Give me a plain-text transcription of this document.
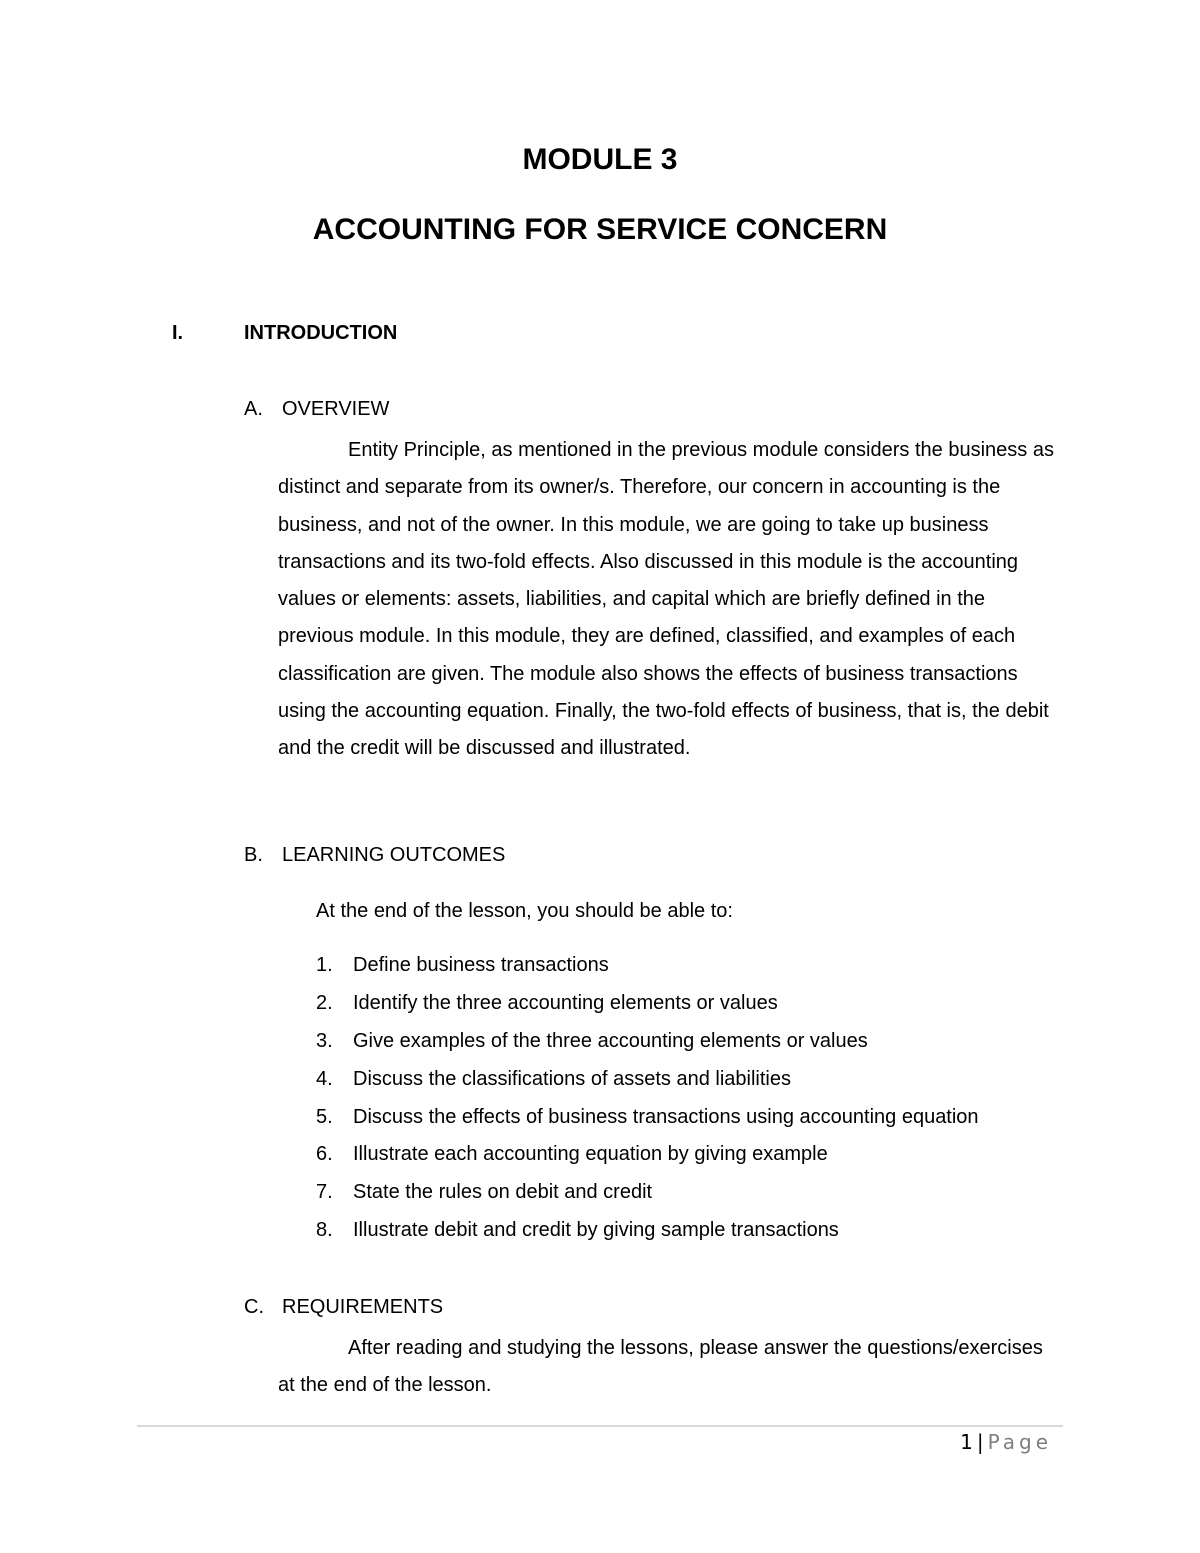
MODULE 3
ACCOUNTING FOR SERVICE CONCERN
I.	INTRODUCTION
A. OVERVIEW

Entity Principle, as mentioned in the previous module considers the business as distinct and separate from its owner/s. Therefore, our concern in accounting is the business, and not of the owner. In this module, we are going to take up business transactions and its two-fold effects. Also discussed in this module is the accounting values or elements: assets, liabilities, and capital which are briefly defined in the previous module. In this module, they are defined, classified, and examples of each classification are given. The module also shows the effects of business transactions using the accounting equation. Finally, the two-fold effects of business, that is, the debit and the credit will be discussed and illustrated.

B. LEARNING OUTCOMES
At the end of the lesson, you should be able to:
1. Define business transactions
2. Identify the three accounting elements or values
3. Give examples of the three accounting elements or values
4. Discuss the classifications of assets and liabilities
5. Discuss the effects of business transactions using accounting equation
6. Illustrate each accounting equation by giving example
7. State the rules on debit and credit
8. Illustrate debit and credit by giving sample transactions
C. REQUIREMENTS

After reading and studying the lessons, please answer the questions/exercises at the end of the lesson.

1 | Page
